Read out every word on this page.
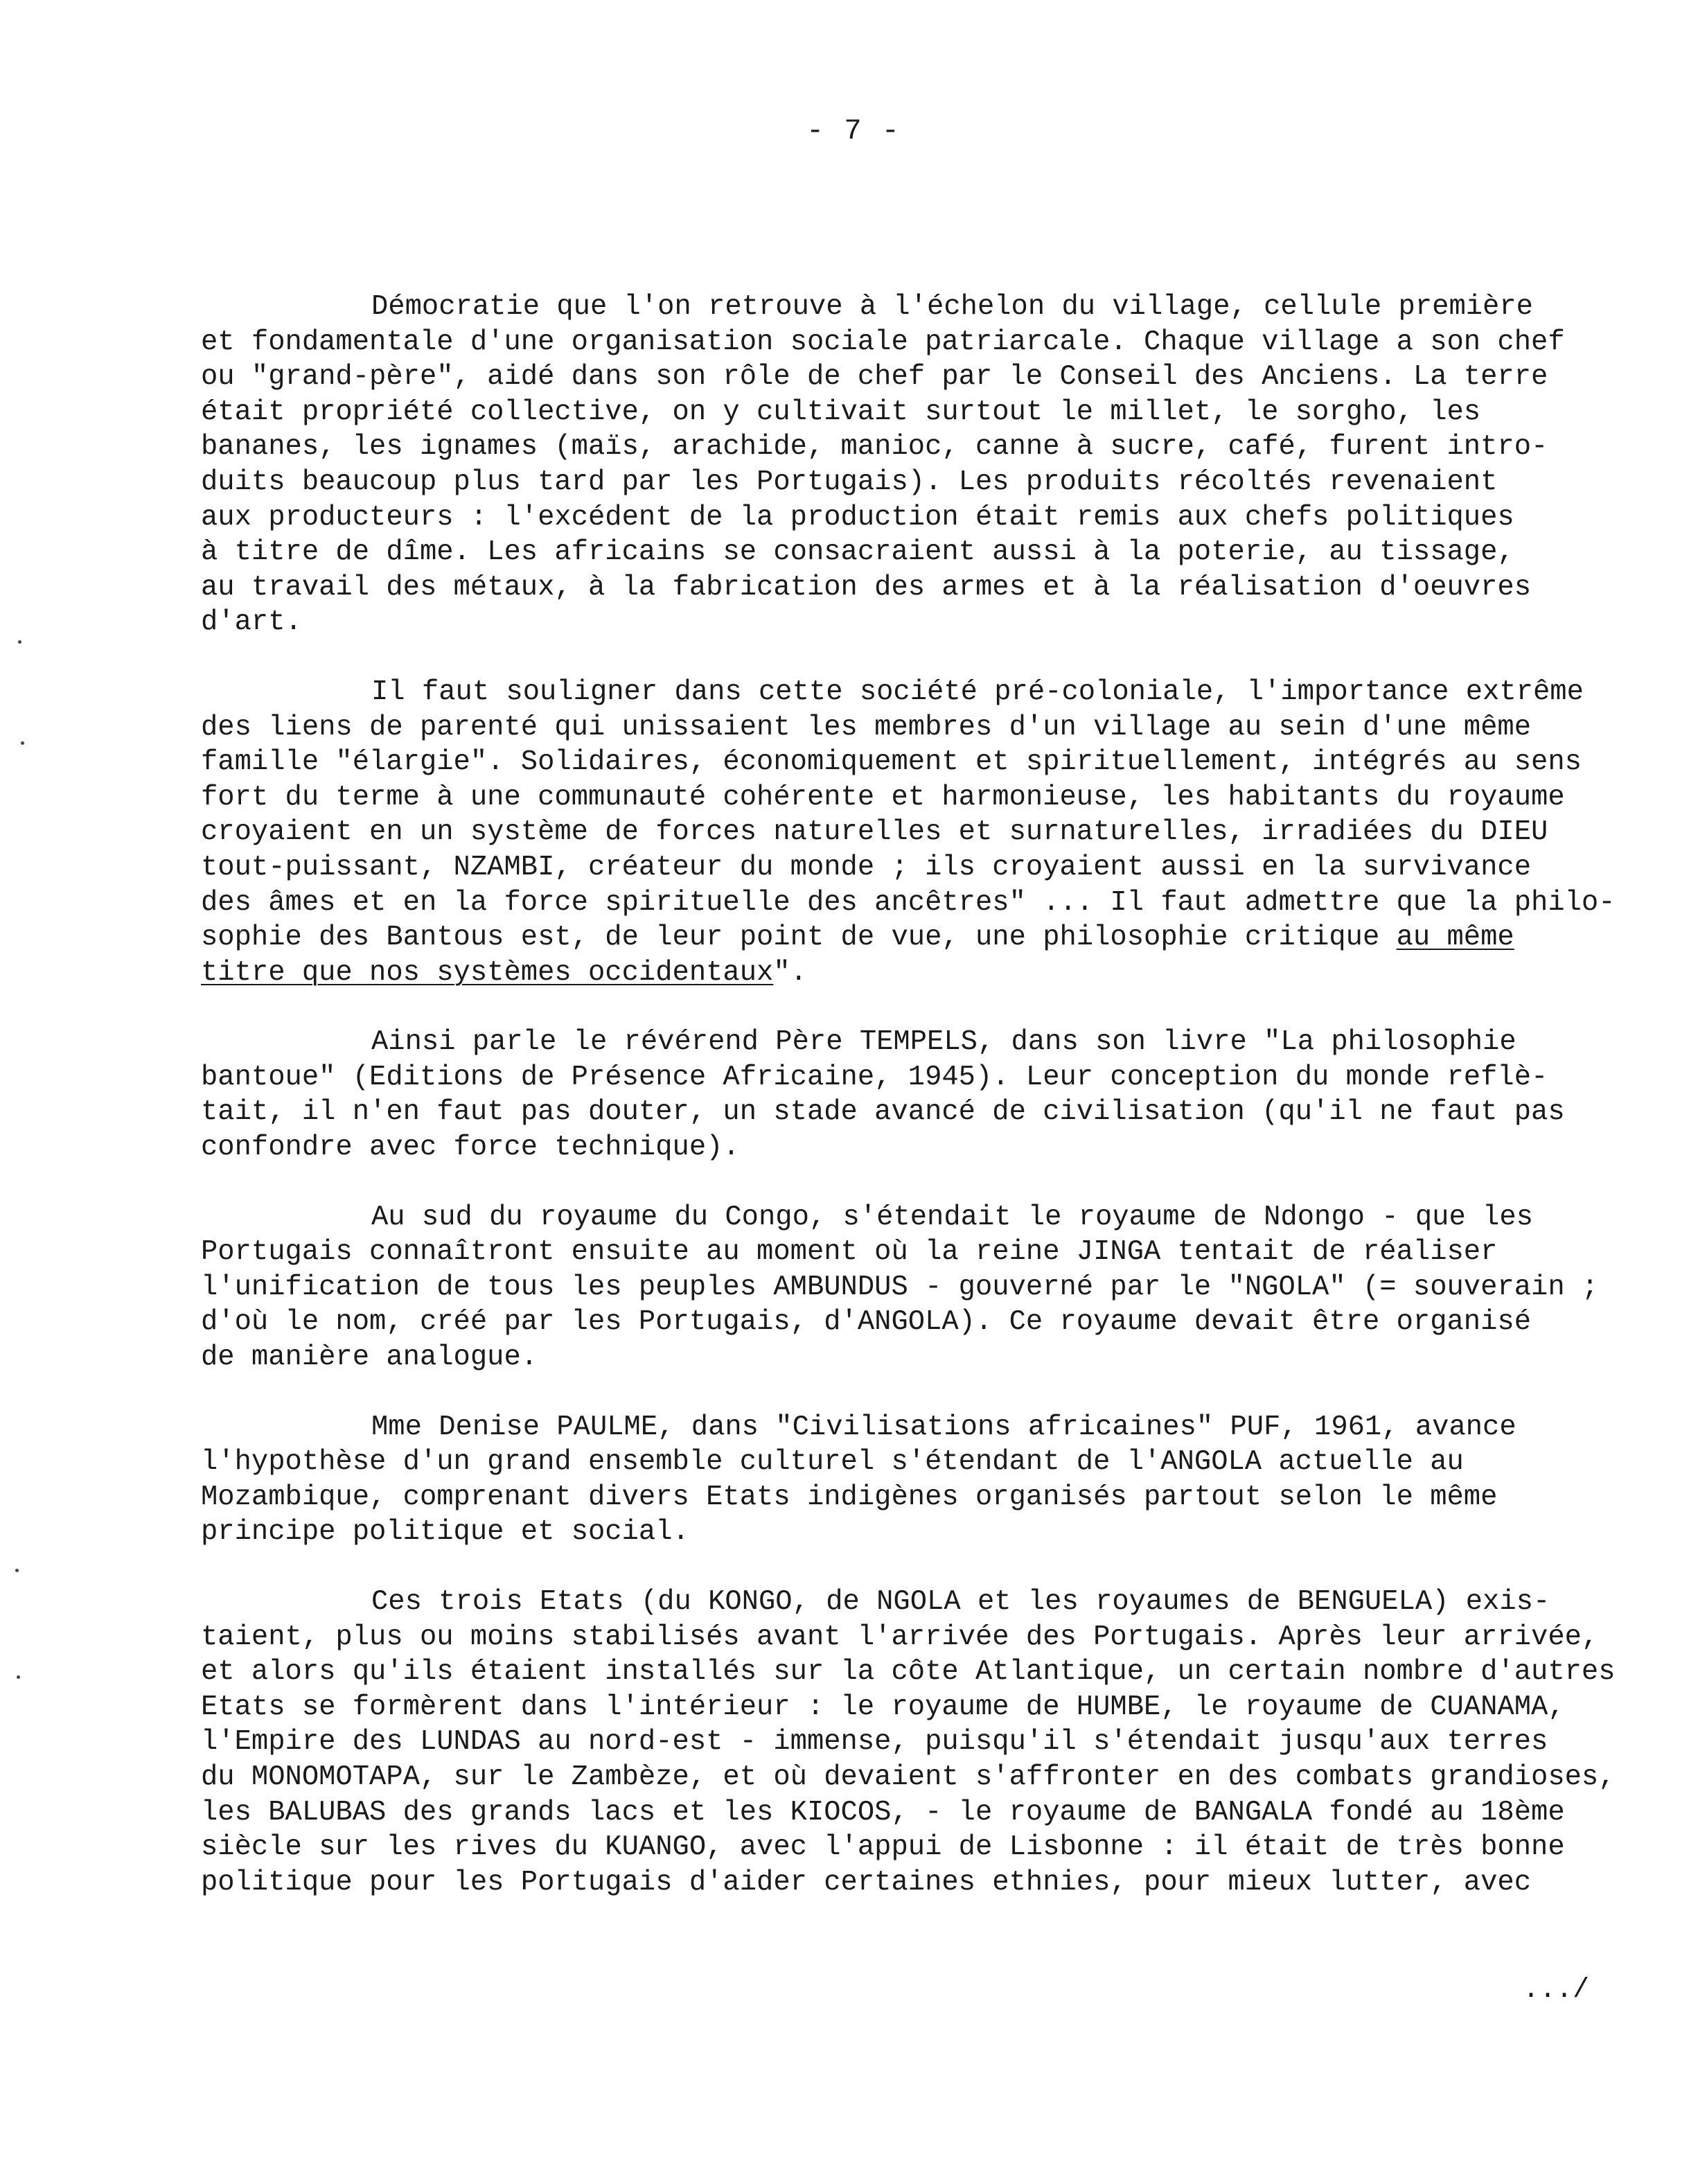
- 7 -
Démocratie que l'on retrouve à l'échelon du village, cellule première
et fondamentale d'une organisation sociale patriarcale. Chaque village a son chef
ou "grand-père", aidé dans son rôle de chef par le Conseil des Anciens. La terre
était propriété collective, on y cultivait surtout le millet, le sorgho, les
bananes, les ignames (maïs, arachide, manioc, canne à sucre, café, furent intro-
duits beaucoup plus tard par les Portugais). Les produits récoltés revenaient
aux producteurs : l'excédent de la production était remis aux chefs politiques
à titre de dîme. Les africains se consacraient aussi à la poterie, au tissage,
au travail des métaux, à la fabrication des armes et à la réalisation d'oeuvres
d'art.
Il faut souligner dans cette société pré-coloniale, l'importance extrême
des liens de parenté qui unissaient les membres d'un village au sein d'une même
famille "élargie". Solidaires, économiquement et spirituellement, intégrés au sens
fort du terme à une communauté cohérente et harmonieuse, les habitants du royaume
croyaient en un système de forces naturelles et surnaturelles, irradiées du DIEU
tout-puissant, NZAMBI, créateur du monde ; ils croyaient aussi en la survivance
des âmes et en la force spirituelle des ancêtres" ... Il faut admettre que la philo-
sophie des Bantous est, de leur point de vue, une philosophie critique au même
titre que nos systèmes occidentaux".
Ainsi parle le révérend Père TEMPELS, dans son livre "La philosophie
bantoue" (Editions de Présence Africaine, 1945). Leur conception du monde reflè-
tait, il n'en faut pas douter, un stade avancé de civilisation (qu'il ne faut pas
confondre avec force technique).
Au sud du royaume du Congo, s'étendait le royaume de Ndongo - que les
Portugais connaîtront ensuite au moment où la reine JINGA tentait de réaliser
l'unification de tous les peuples AMBUNDUS - gouverné par le "NGOLA" (= souverain ;
d'où le nom, créé par les Portugais, d'ANGOLA). Ce royaume devait être organisé
de manière analogue.
Mme Denise PAULME, dans "Civilisations africaines" PUF, 1961, avance
l'hypothèse d'un grand ensemble culturel s'étendant de l'ANGOLA actuelle au
Mozambique, comprenant divers Etats indigènes organisés partout selon le même
principe politique et social.
Ces trois Etats (du KONGO, de NGOLA et les royaumes de BENGUELA) exis-
taient, plus ou moins stabilisés avant l'arrivée des Portugais. Après leur arrivée,
et alors qu'ils étaient installés sur la côte Atlantique, un certain nombre d'autres
Etats se formèrent dans l'intérieur : le royaume de HUMBE, le royaume de CUANAMA,
l'Empire des LUNDAS au nord-est - immense, puisqu'il s'étendait jusqu'aux terres
du MONOMOTAPA, sur le Zambèze, et où devaient s'affronter en des combats grandioses,
les BALUBAS des grands lacs et les KIOCOS, - le royaume de BANGALA fondé au 18ème
siècle sur les rives du KUANGO, avec l'appui de Lisbonne : il était de très bonne
politique pour les Portugais d'aider certaines ethnies, pour mieux lutter, avec
.../
